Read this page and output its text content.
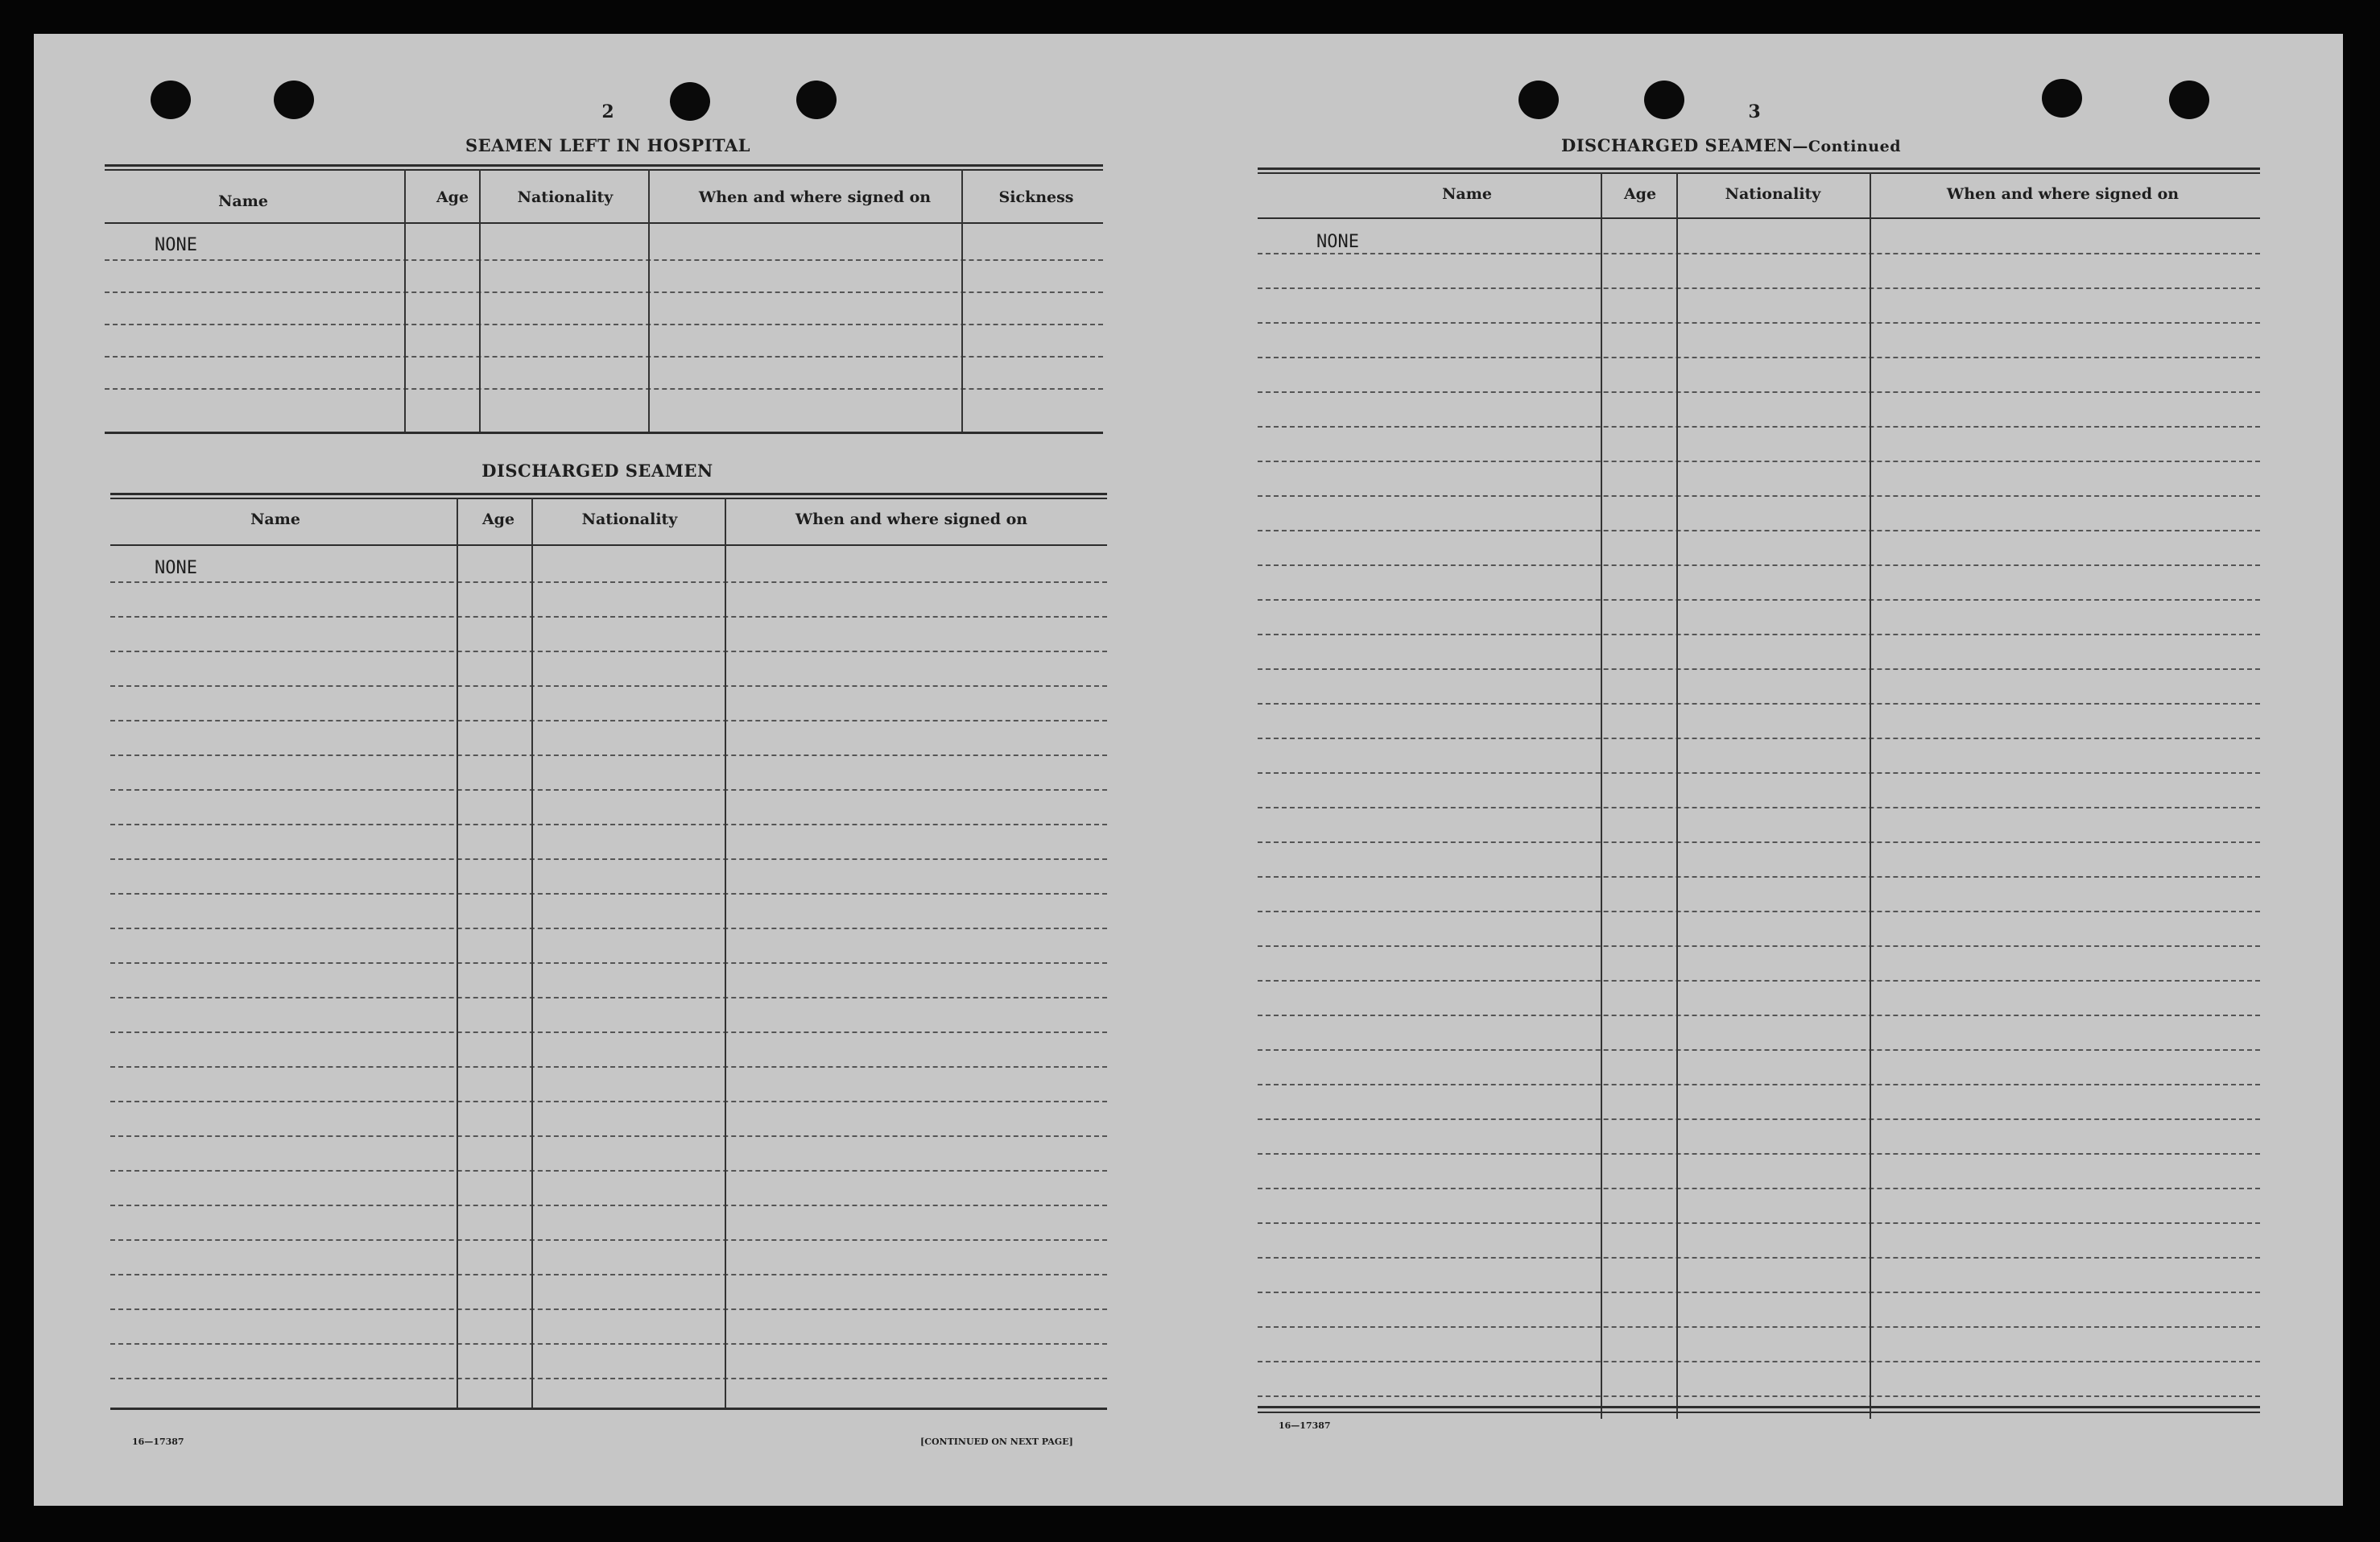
2
SEAMEN LEFT IN HOSPITAL
Name	Age	Nationality	When and where signed on	Sickness
NONE
DISCHARGED SEAMEN
Name	Age	Nationality	When and where signed on
NONE
16—17387	[CONTINUED ON NEXT PAGE]
3
DISCHARGED SEAMEN—Continued
Name	Age	Nationality	When and where signed on
NONE
16—17387
